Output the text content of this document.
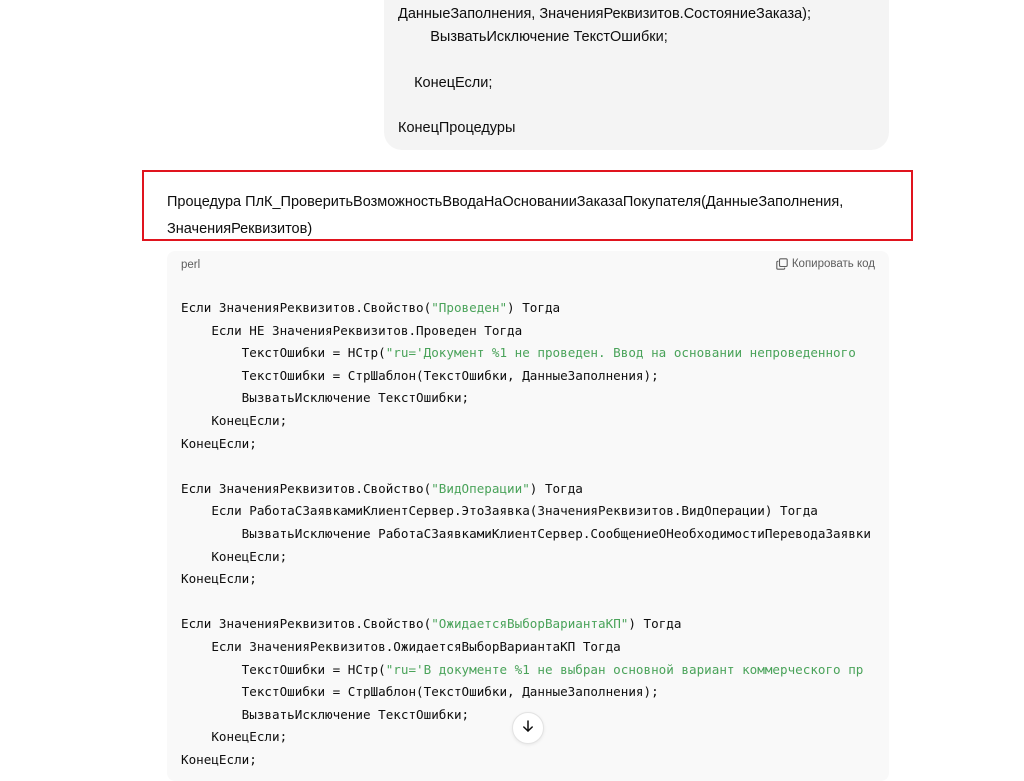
ДанныеЗаполнения, ЗначенияРеквизитов.СостояниеЗаказа);
ВызватьИсключение ТекстОшибки;
КонецЕсли;
КонецПроцедуры
Процедура ПлК_ПроверитьВозможностьВводаНаОснованииЗаказаПокупателя(ДанныеЗаполнения,
ЗначенияРеквизитов)
perl	Копировать код
Если ЗначенияРеквизитов.Свойство("Проведен") Тогда
Если НЕ ЗначенияРеквизитов.Проведен Тогда
ТекстОшибки = НСтр("ru='Документ %1 не проведен. Ввод на основании непроведенного
ТекстОшибки = СтрШаблон(ТекстОшибки, ДанныеЗаполнения);
ВызватьИсключение ТекстОшибки;
КонецЕсли;
КонецЕсли;
Если ЗначенияРеквизитов.Свойство("ВидОперации") Тогда
Если РаботаСЗаявкамиКлиентСервер.ЭтоЗаявка(ЗначенияРеквизитов.ВидОперации) Тогда
ВызватьИсключение РаботаСЗаявкамиКлиентСервер.СообщениеОНеобходимостиПереводаЗаявки
КонецЕсли;
КонецЕсли;
Если ЗначенияРеквизитов.Свойство("ОжидаетсяВыборВариантаКП") Тогда
Если ЗначенияРеквизитов.ОжидаетсяВыборВариантаКП Тогда
ТекстОшибки = НСтр("ru='В документе %1 не выбран основной вариант коммерческого пр
ТекстОшибки = СтрШаблон(ТекстОшибки, ДанныеЗаполнения);
ВызватьИсключение ТекстОшибки;
КонецЕсли;
КонецЕсли;
